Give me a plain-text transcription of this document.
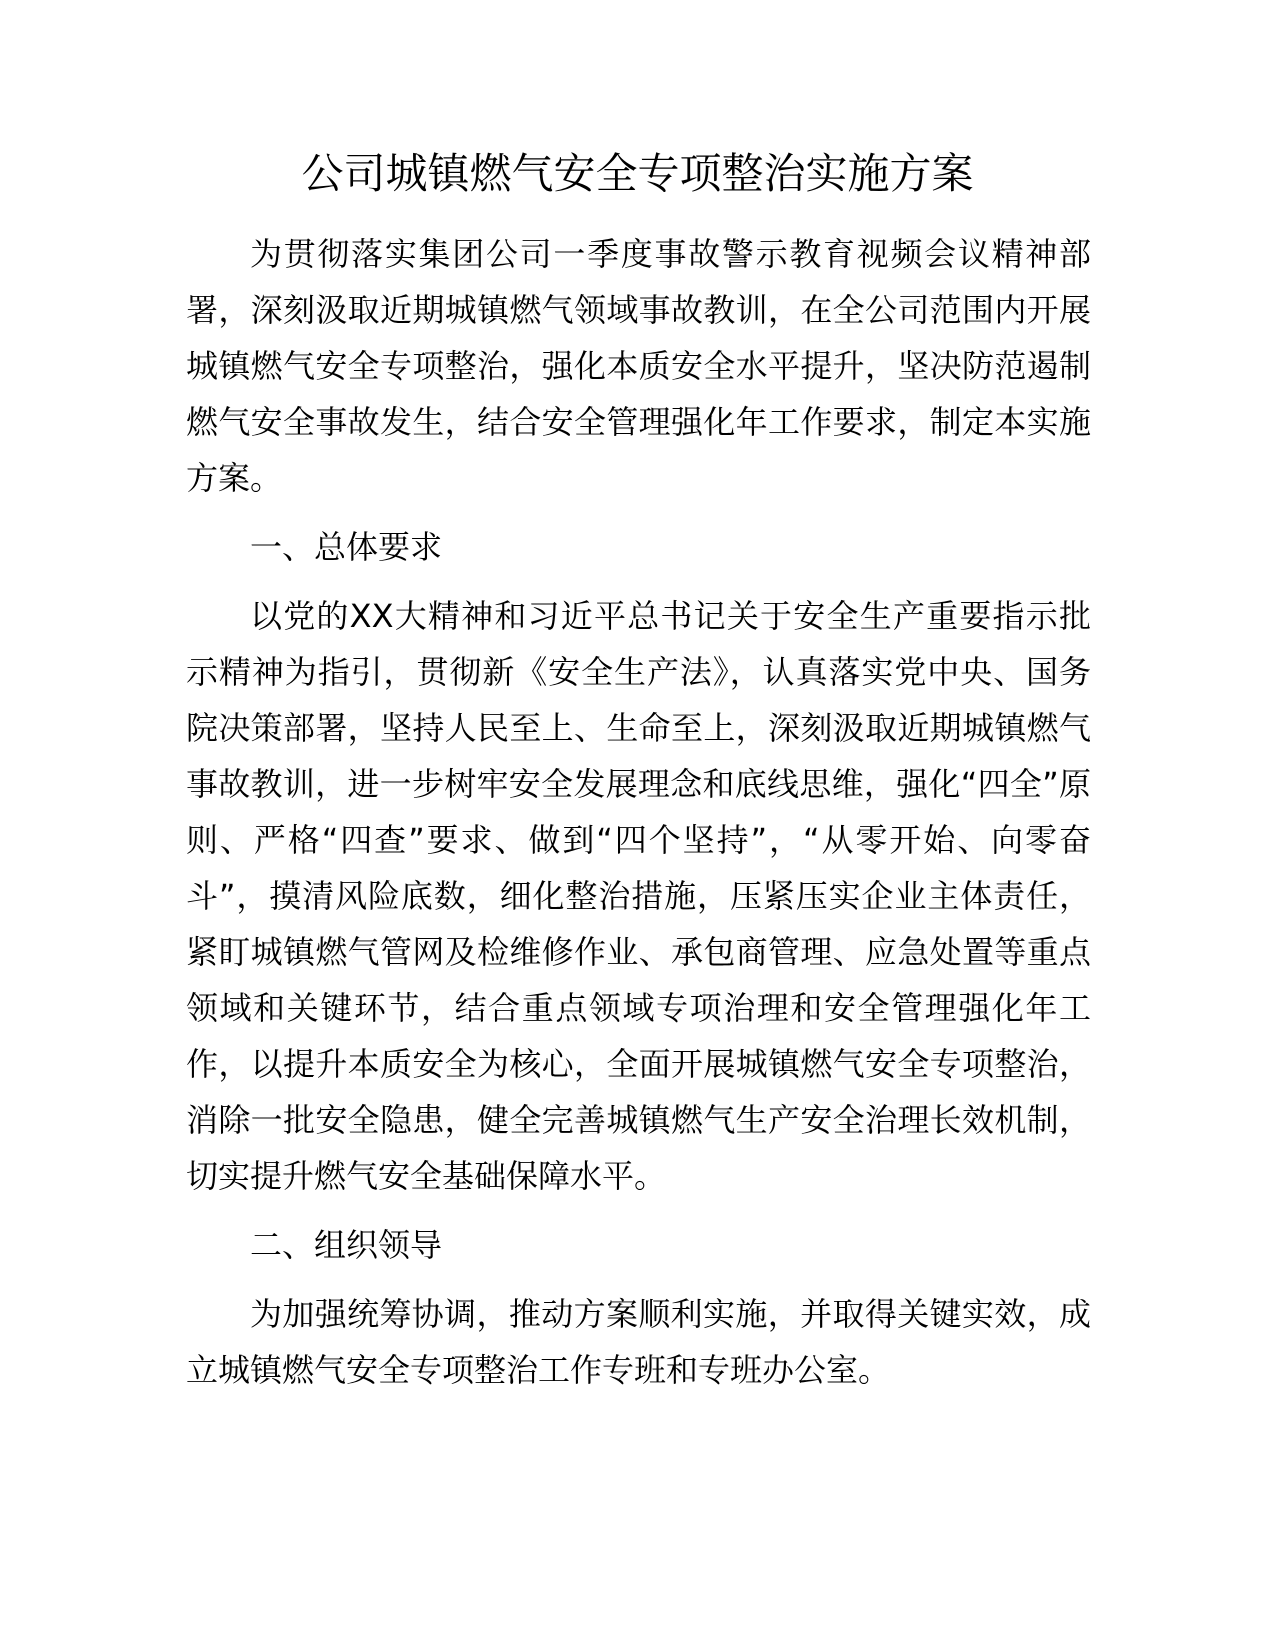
公司城镇燃气安全专项整治实施方案

为贯彻落实集团公司一季度事故警示教育视频会议精神部署，深刻汲取近期城镇燃气领域事故教训，在全公司范围内开展城镇燃气安全专项整治，强化本质安全水平提升，坚决防范遏制燃气安全事故发生，结合安全管理强化年工作要求，制定本实施方案。

一、总体要求

以党的XX大精神和习近平总书记关于安全生产重要指示批示精神为指引，贯彻新《安全生产法》，认真落实党中央、国务院决策部署，坚持人民至上、生命至上，深刻汲取近期城镇燃气事故教训，进一步树牢安全发展理念和底线思维，强化“四全”原则、严格“四查”要求、做到“四个坚持”，“从零开始、向零奋斗”，摸清风险底数，细化整治措施，压紧压实企业主体责任，紧盯城镇燃气管网及检维修作业、承包商管理、应急处置等重点领域和关键环节，结合重点领域专项治理和安全管理强化年工作，以提升本质安全为核心，全面开展城镇燃气安全专项整治，消除一批安全隐患，健全完善城镇燃气生产安全治理长效机制，切实提升燃气安全基础保障水平。

二、组织领导

为加强统筹协调，推动方案顺利实施，并取得关键实效，成立城镇燃气安全专项整治工作专班和专班办公室。
